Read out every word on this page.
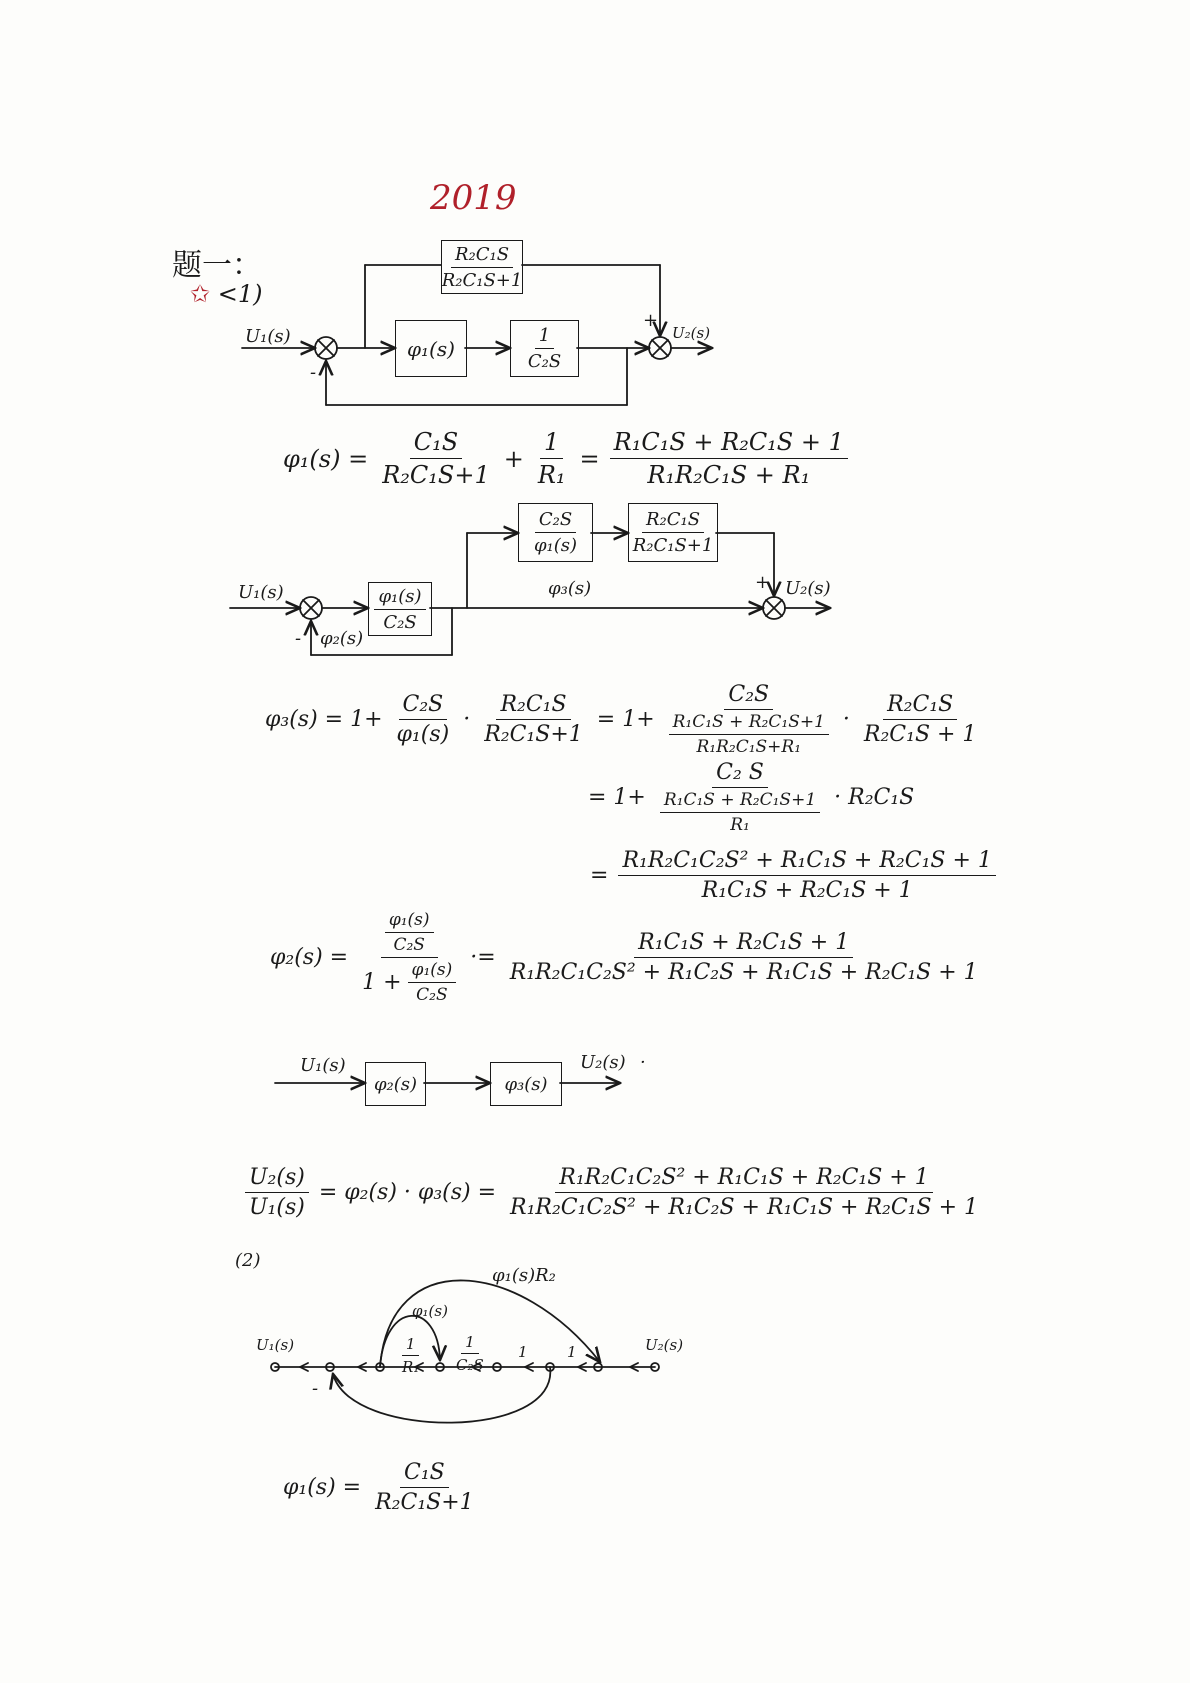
2019
题一：
✩ <1)
U₁(s)
$\frac{\text{R₂C₁S}}{\text{R₂C₁S+1}}$
φ₁(s)	$\frac{1}{\text{C₂S}}$
+
-
U₂(s)
$\varphi_1(s) = \frac{\text{C₁S}}{\text{R₂C₁S+1}} + \frac{1}{\text{R₁}} = \frac{\text{R₁C₁S + R₂C₁S + 1}}{\text{R₁R₂C₁S + R₁}}$
U₁(s)
$\frac{\text{C₂S}}{\text{φ₁(s)}}$	$\frac{\text{R₂C₁S}}{\text{R₂C₁S+1}}$
$\frac{\text{φ₁(s)}}{\text{C₂S}}$	φ₃(s)
φ₂(s)
+
-
U₂(s)
$\varphi_3(s) = 1+ \frac{\text{C₂S}}{\text{φ₁(s)}} \cdot \frac{\text{R₂C₁S}}{\text{R₂C₁S+1}} = 1+ \frac{\text{C₂S}}{\frac{\text{R₁C₁S + R₂C₁S+1}}{\text{R₁R₂C₁S+R₁}}} \cdot \frac{\text{R₂C₁S}}{\text{R₂C₁S + 1}}$
= $1+ \frac{\text{C₂ S}}{\frac{\text{R₁C₁S + R₂C₁S+1}}{\text{R₁}}} \cdot R_2C_1S$
= $\frac{\text{R₁R₂C₁C₂S² + R₁C₁S + R₂C₁S + 1}}{\text{R₁C₁S + R₂C₁S + 1}}$
$\varphi_2(s) = \frac{\frac{\text{φ₁(s)}}{\text{C₂S}}}{1 + \frac{\text{φ₁(s)}}{\text{C₂S}}} \cdot= \frac{\text{R₁C₁S + R₂C₁S + 1}}{\text{R₁R₂C₁C₂S² + R₁C₂S + R₁C₁S + R₂C₁S + 1}}$
U₁(s)
φ₂(s)	φ₃(s)
U₂(s) ·
$\frac{\text{U₂(s)}}{\text{U₁(s)}} = \varphi_2(s) \cdot \varphi_3(s) = \frac{\text{R₁R₂C₁C₂S² + R₁C₁S + R₂C₁S + 1}}{\text{R₁R₂C₁C₂S² + R₁C₂S + R₁C₁S + R₂C₁S + 1}}$
(2)
U₁(s)	U₂(s)
φ₁(s)R₂
φ₁(s)
$\frac{1}{\text{R₁}} \frac{1}{\text{C₂S}} 1$	1
-
$\varphi_1(s) = \frac{\text{C₁S}}{\text{R₂C₁S+1}}$
